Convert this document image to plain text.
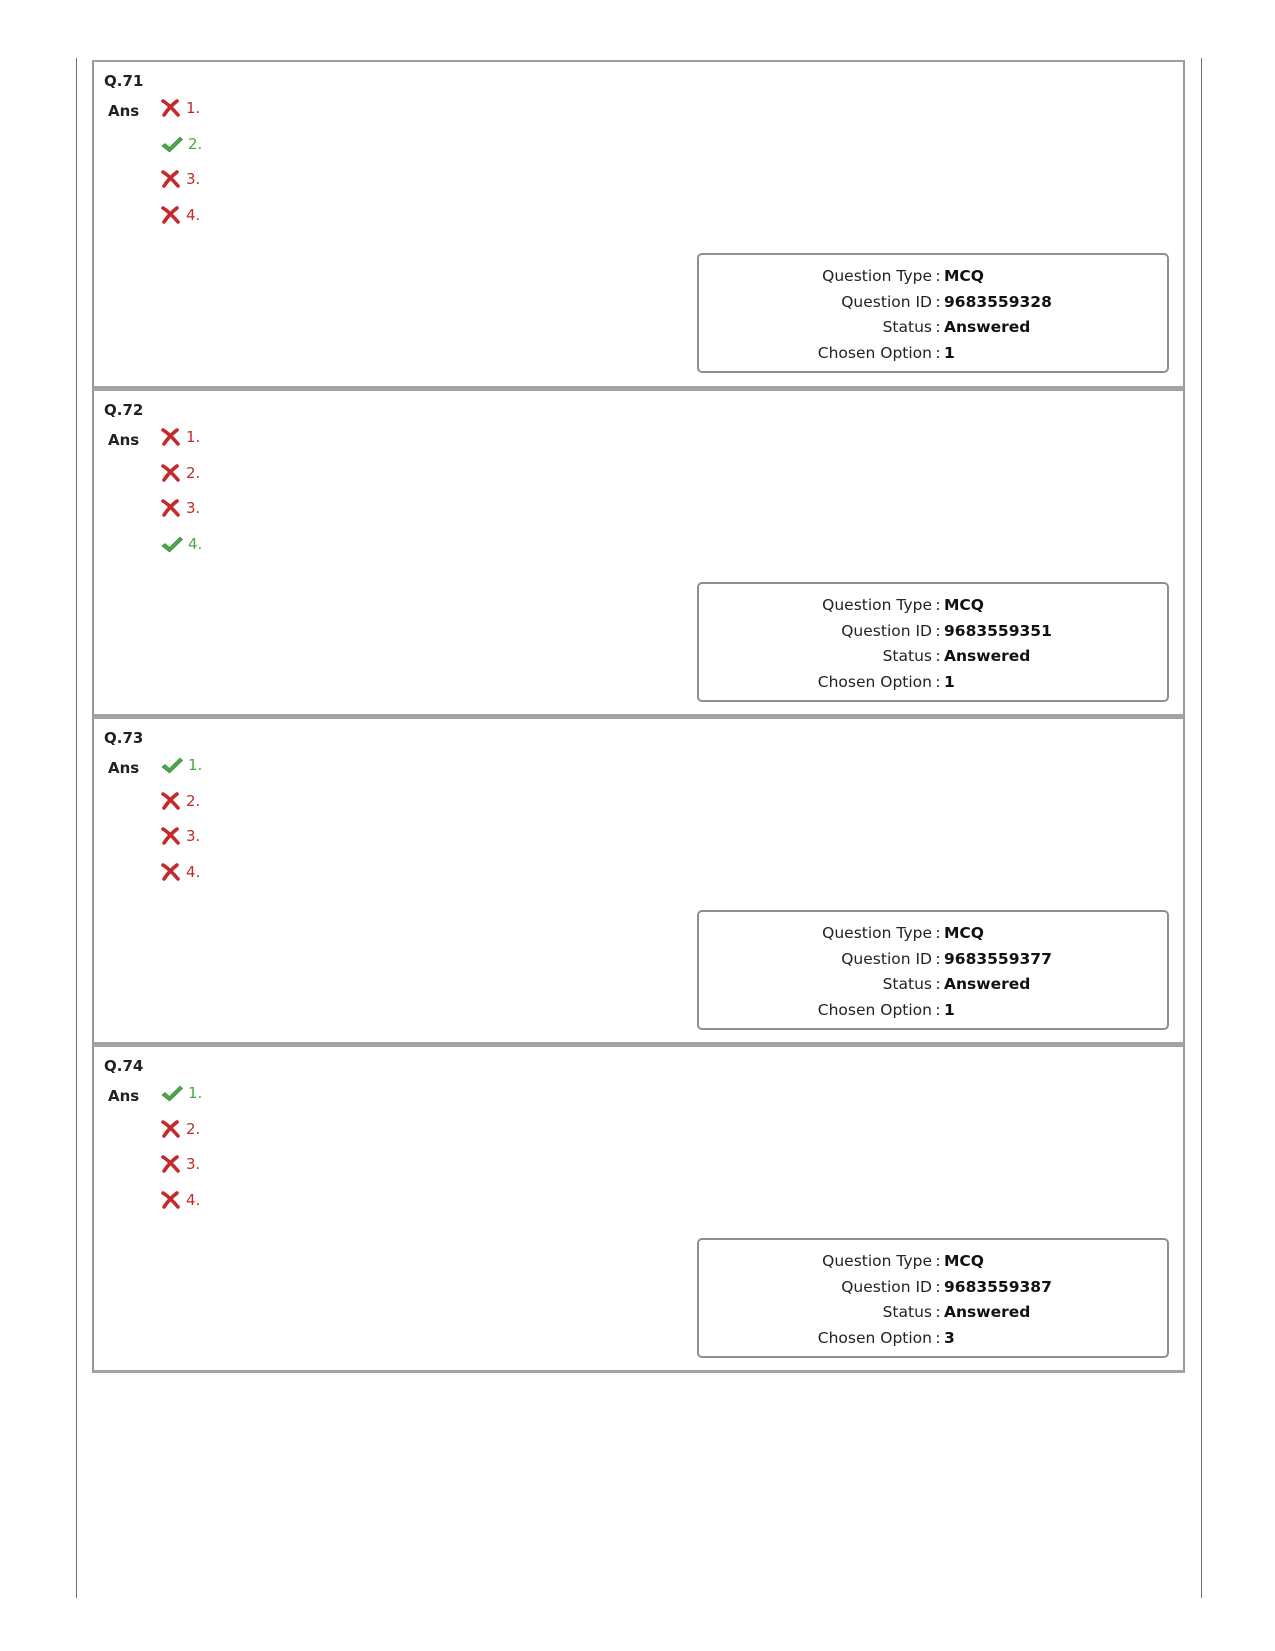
Q.71
Ans	1.
2.
3.
4.
Question Type : MCQ
Question ID : 9683559328
Status : Answered
Chosen Option : 1
Q.72
Ans	1.
2.
3.
4.
Question Type : MCQ
Question ID : 9683559351
Status : Answered
Chosen Option : 1
Q.73
Ans	1.
2.
3.
4.
Question Type : MCQ
Question ID : 9683559377
Status : Answered
Chosen Option : 1
Q.74
Ans	1.
2.
3.
4.
Question Type : MCQ
Question ID : 9683559387
Status : Answered
Chosen Option : 3
